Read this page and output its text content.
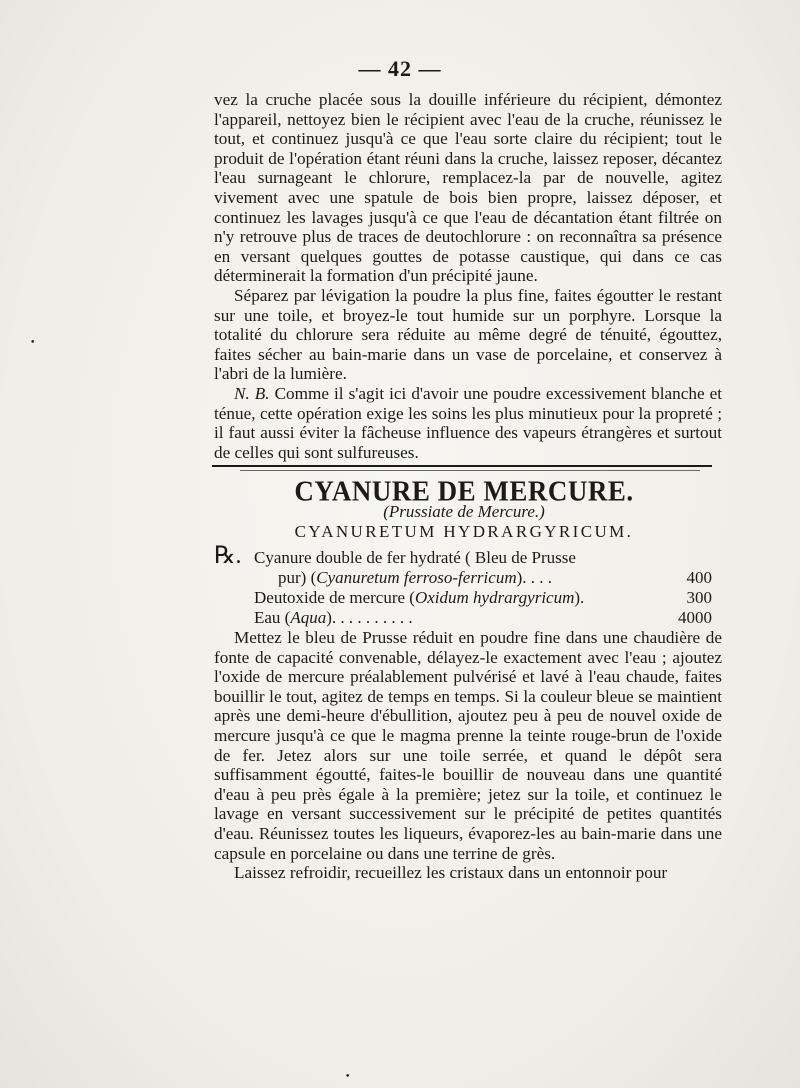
— 42 —

vez la cruche placée sous la douille inférieure du récipient, démontez l'appareil, nettoyez bien le récipient avec l'eau de la cruche, réunissez le tout, et continuez jusqu'à ce que l'eau sorte claire du récipient; tout le produit de l'opération étant réuni dans la cruche, laissez reposer, décantez l'eau surnageant le chlorure, remplacez-la par de nouvelle, agitez vivement avec une spatule de bois bien propre, laissez déposer, et continuez les lavages jusqu'à ce que l'eau de décantation étant filtrée on n'y retrouve plus de traces de deutochlorure : on reconnaîtra sa présence en versant quelques gouttes de potasse caustique, qui dans ce cas déterminerait la formation d'un précipité jaune.

Séparez par lévigation la poudre la plus fine, faites égoutter le restant sur une toile, et broyez-le tout humide sur un porphyre. Lorsque la totalité du chlorure sera réduite au même degré de ténuité, égouttez, faites sécher au bain-marie dans un vase de porcelaine, et conservez à l'abri de la lumière.

N. B. Comme il s'agit ici d'avoir une poudre excessivement blanche et ténue, cette opération exige les soins les plus minutieux pour la propreté ; il faut aussi éviter la fâcheuse influence des vapeurs étrangères et surtout de celles qui sont sulfureuses.

CYANURE DE MERCURE.
(Prussiate de Mercure.)
CYANURETUM HYDRARGYRICUM.
℞. Cyanure double de fer hydraté ( Bleu de Prusse
pur) (Cyanuretum ferroso-ferricum). . . .	400
Deutoxide de mercure (Oxidum hydrargyricum).	300
Eau (Aqua). . . . . . . . . .	4000

Mettez le bleu de Prusse réduit en poudre fine dans une chaudière de fonte de capacité convenable, délayez-le exactement avec l'eau ; ajoutez l'oxide de mercure préalablement pulvérisé et lavé à l'eau chaude, faites bouillir le tout, agitez de temps en temps. Si la couleur bleue se maintient après une demi-heure d'ébullition, ajoutez peu à peu de nouvel oxide de mercure jusqu'à ce que le magma prenne la teinte rouge-brun de l'oxide de fer. Jetez alors sur une toile serrée, et quand le dépôt sera suffisamment égoutté, faites-le bouillir de nouveau dans une quantité d'eau à peu près égale à la première; jetez sur la toile, et continuez le lavage en versant successivement sur le précipité de petites quantités d'eau. Réunissez toutes les liqueurs, évaporez-les au bain-marie dans une capsule en porcelaine ou dans une terrine de grès.

Laissez refroidir, recueillez les cristaux dans un entonnoir pour

•
•
